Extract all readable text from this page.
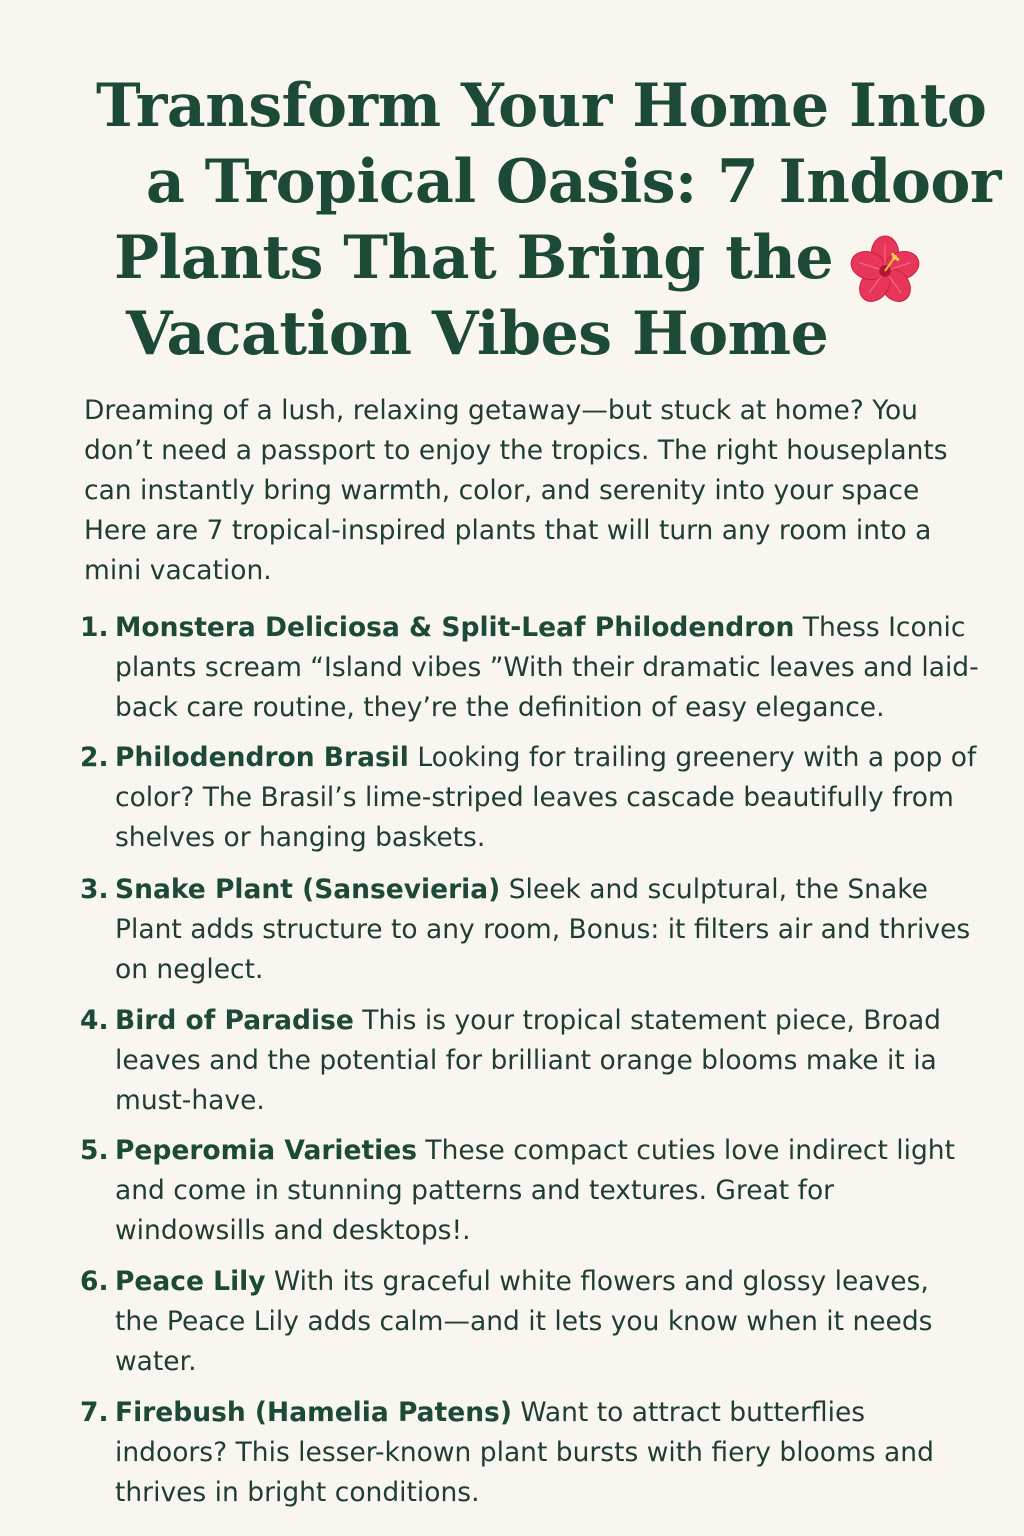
Transform Your Home Into
a Tropical Oasis: 7 Indoor
Plants That Bring the
Vacation Vibes Home

Dreaming of a lush, relaxing getaway—but stuck at home? You don’t need a passport to enjoy the tropics. The right houseplants can instantly bring warmth, color, and serenity into your space Here are 7 tropical-inspired plants that will turn any room into a mini vacation.

1. Monstera Deliciosa & Split-Leaf Philodendron Thess Iconic plants scream “Island vibes ”With their dramatic leaves and laid-back care routine, they’re the definition of easy elegance.
2. Philodendron Brasil Looking for trailing greenery with a pop of color? The Brasil’s lime-striped leaves cascade beautifully from shelves or hanging baskets.
3. Snake Plant (Sansevieria) Sleek and sculptural, the Snake Plant adds structure to any room, Bonus: it filters air and thrives on neglect.
4. Bird of Paradise This is your tropical statement piece, Broad leaves and the potential for brilliant orange blooms make it ia must-have.
5. Peperomia Varieties These compact cuties love indirect light and come in stunning patterns and textures. Great for windowsills and desktops!.
6. Peace Lily With its graceful white flowers and glossy leaves, the Peace Lily adds calm—and it lets you know when it needs water.
7. Firebush (Hamelia Patens) Want to attract butterflies indoors? This lesser-known plant bursts with fiery blooms and thrives in bright conditions.
